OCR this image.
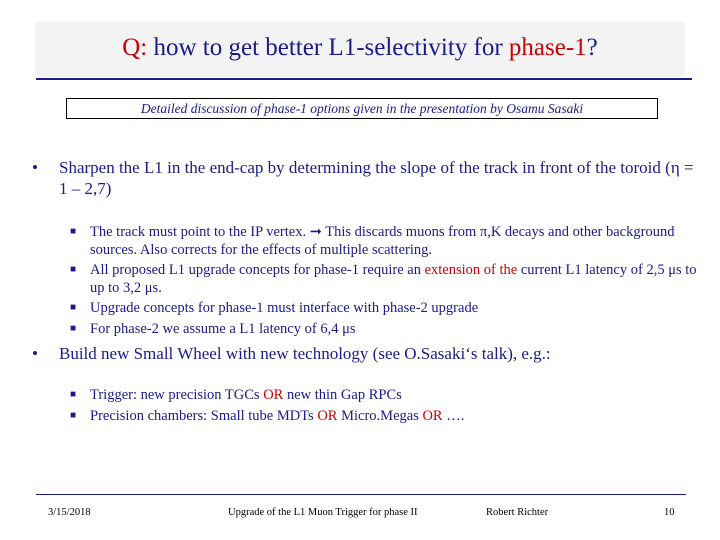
Q: how to get better L1-selectivity for phase-1?
Detailed discussion of phase-1 options given in the presentation by Osamu Sasaki
• Sharpen the L1 in the end-cap by determining the slope of the track in front of the toroid (η = 1 – 2,7)
■ The track must point to the IP vertex. ➞ This discards muons from π,K decays and other background sources. Also corrects for the effects of multiple scattering.
■ All proposed L1 upgrade concepts for phase-1 require an extension of the current L1 latency of 2,5 μs to up to 3,2 μs.
■ Upgrade concepts for phase-1 must interface with phase-2 upgrade
■ For phase-2 we assume a L1 latency of 6,4 μs
• Build new Small Wheel with new technology (see O.Sasaki‘s talk), e.g.:
■ Trigger: new precision TGCs OR new thin Gap RPCs
■ Precision chambers: Small tube MDTs OR Micro.Megas OR ….
3/15/2018	Upgrade of the L1 Muon Trigger for phase II	Robert Richter	10
